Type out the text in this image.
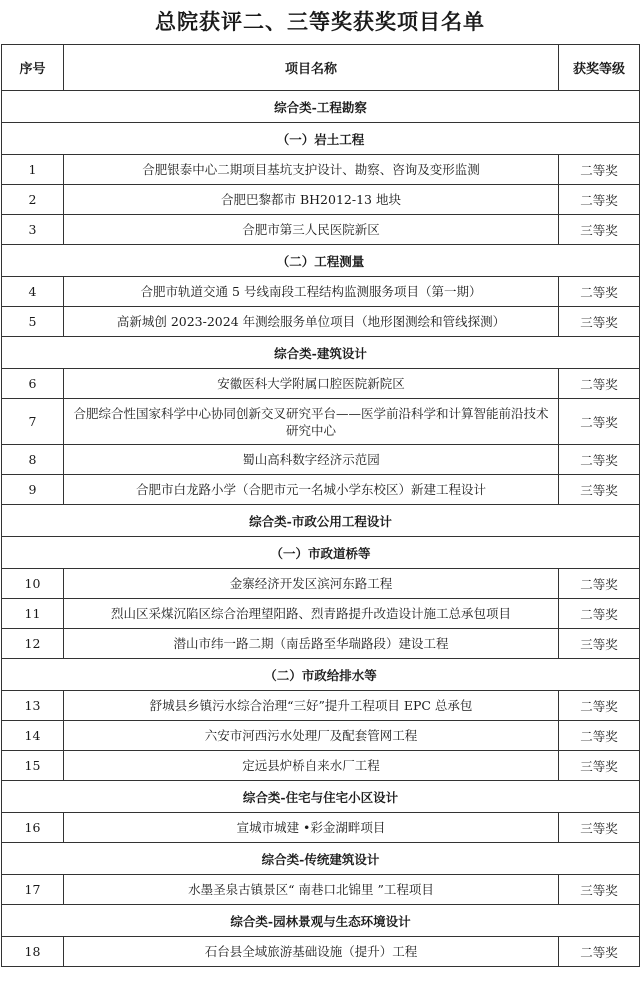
总院获评二、三等奖获奖项目名单
序号	项目名称	获奖等级
综合类-工程勘察		
（一）岩土工程		
1	合肥银泰中心二期项目基坑支护设计、勘察、咨询及变形监测	二等奖
2	合肥巴黎都市 BH2012-13 地块	二等奖
3	合肥市第三人民医院新区	三等奖
（二）工程测量		
4	合肥市轨道交通 5 号线南段工程结构监测服务项目（第一期）	二等奖
5	高新城创 2023-2024 年测绘服务单位项目（地形图测绘和管线探测）	三等奖
综合类-建筑设计		
6	安徽医科大学附属口腔医院新院区	二等奖
7	合肥综合性国家科学中心协同创新交叉研究平台——医学前沿科学和计算智能前沿技术研究中心	二等奖
8	蜀山高科数字经济示范园	二等奖
9	合肥市白龙路小学（合肥市元一名城小学东校区）新建工程设计	三等奖
综合类-市政公用工程设计		
（一）市政道桥等		
10	金寨经济开发区滨河东路工程	二等奖
11	烈山区采煤沉陷区综合治理望阳路、烈青路提升改造设计施工总承包项目	二等奖
12	潜山市纬一路二期（南岳路至华瑞路段）建设工程	三等奖
（二）市政给排水等		
13	舒城县乡镇污水综合治理“三好”提升工程项目 EPC 总承包	二等奖
14	六安市河西污水处理厂及配套管网工程	二等奖
15	定远县炉桥自来水厂工程	三等奖
综合类-住宅与住宅小区设计		
16	宣城市城建 •彩金湖畔项目	三等奖
综合类-传统建筑设计		
17	水墨圣泉古镇景区“ 南巷口北锦里 ”工程项目	三等奖
综合类-园林景观与生态环境设计		
18	石台县全域旅游基础设施（提升）工程	二等奖
